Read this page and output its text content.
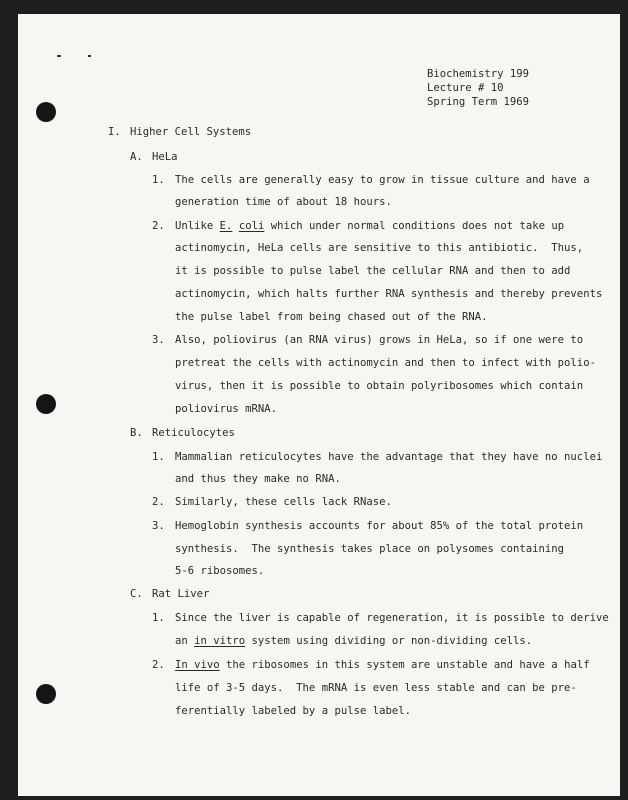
Biochemistry 199
Lecture # 10
Spring Term 1969
I. Higher Cell Systems
A. HeLa
1. The cells are generally easy to grow in tissue culture and have a
generation time of about 18 hours.
2. Unlike E. coli which under normal conditions does not take up
actinomycin, HeLa cells are sensitive to this antibiotic.  Thus,
it is possible to pulse label the cellular RNA and then to add
actinomycin, which halts further RNA synthesis and thereby prevents
the pulse label from being chased out of the RNA.
3. Also, poliovirus (an RNA virus) grows in HeLa, so if one were to
pretreat the cells with actinomycin and then to infect with polio-
virus, then it is possible to obtain polyribosomes which contain
poliovirus mRNA.
B. Reticulocytes
1. Mammalian reticulocytes have the advantage that they have no nuclei
and thus they make no RNA.
2. Similarly, these cells lack RNase.
3. Hemoglobin synthesis accounts for about 85% of the total protein
synthesis.  The synthesis takes place on polysomes containing
5-6 ribosomes.
C. Rat Liver
1. Since the liver is capable of regeneration, it is possible to derive
an in vitro system using dividing or non-dividing cells.
2. In vivo the ribosomes in this system are unstable and have a half
life of 3-5 days.  The mRNA is even less stable and can be pre-
ferentially labeled by a pulse label.
